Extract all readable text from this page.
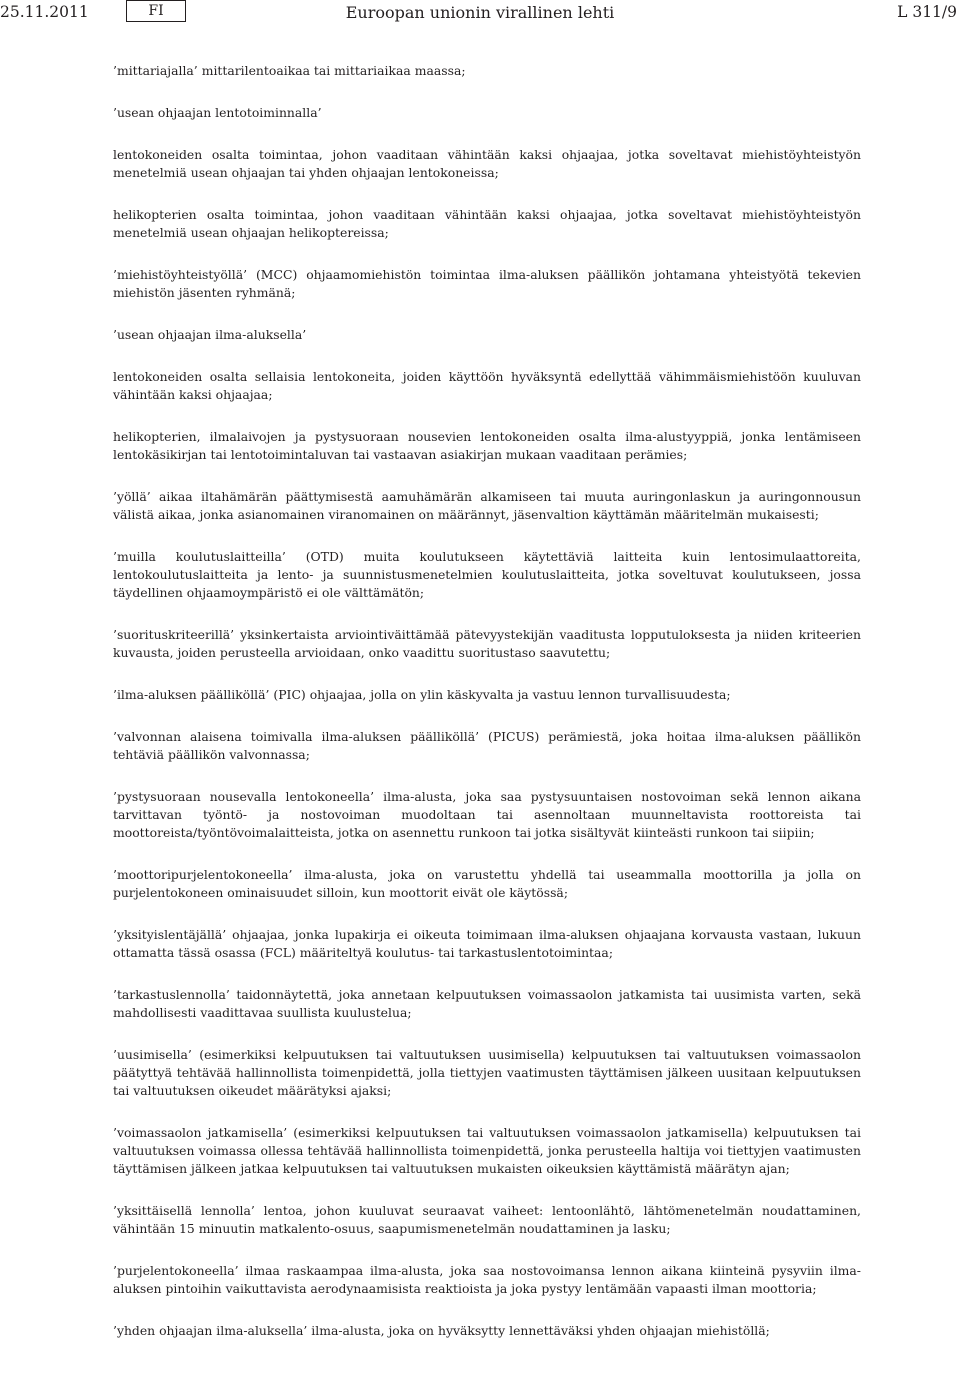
25.11.2011	FI	Euroopan unionin virallinen lehti	L 311/9

’mittariajalla’ mittarilentoaikaa tai mittariaikaa maassa;

’usean ohjaajan lentotoiminnalla’

lentokoneiden osalta toimintaa, johon vaaditaan vähintään kaksi ohjaajaa, jotka soveltavat miehistöyhteistyön menetelmiä usean ohjaajan tai yhden ohjaajan lentokoneissa;

helikopterien osalta toimintaa, johon vaaditaan vähintään kaksi ohjaajaa, jotka soveltavat miehistöyhteistyön menetelmiä usean ohjaajan helikoptereissa;

’miehistöyhteistyöllä’ (MCC) ohjaamomiehistön toimintaa ilma-aluksen päällikön johtamana yhteistyötä tekevien miehistön jäsenten ryhmänä;

’usean ohjaajan ilma-aluksella’

lentokoneiden osalta sellaisia lentokoneita, joiden käyttöön hyväksyntä edellyttää vähimmäismiehistöön kuuluvan vähintään kaksi ohjaajaa;

helikopterien, ilmalaivojen ja pystysuoraan nousevien lentokoneiden osalta ilma-alustyyppiä, jonka lentämiseen lentokäsikirjan tai lentotoimintaluvan tai vastaavan asiakirjan mukaan vaaditaan perämies;

’yöllä’ aikaa iltahämärän päättymisestä aamuhämärän alkamiseen tai muuta auringonlaskun ja auringonnousun välistä aikaa, jonka asianomainen viranomainen on määrännyt, jäsenvaltion käyttämän määritelmän mukaisesti;

’muilla koulutuslaitteilla’ (OTD) muita koulutukseen käytettäviä laitteita kuin lentosimulaattoreita, lentokoulutuslaitteita ja lento- ja suunnistusmenetelmien koulutuslaitteita, jotka soveltuvat koulutukseen, jossa täydellinen ohjaamoympäristö ei ole välttämätön;

’suorituskriteerillä’ yksinkertaista arviointiväittämää pätevyystekijän vaaditusta lopputuloksesta ja niiden kriteerien kuvausta, joiden perusteella arvioidaan, onko vaadittu suoritustaso saavutettu;

’ilma-aluksen päälliköllä’ (PIC) ohjaajaa, jolla on ylin käskyvalta ja vastuu lennon turvallisuudesta;

’valvonnan alaisena toimivalla ilma-aluksen päälliköllä’ (PICUS) perämiestä, joka hoitaa ilma-aluksen päällikön tehtäviä päällikön valvonnassa;

’pystysuoraan nousevalla lentokoneella’ ilma-alusta, joka saa pystysuuntaisen nostovoiman sekä lennon aikana tarvittavan työntö- ja nostovoiman muodoltaan tai asennoltaan muunneltavista roottoreista tai moottoreista/työntövoimalaitteista, jotka on asennettu runkoon tai jotka sisältyvät kiinteästi runkoon tai siipiin;

’moottoripurjelentokoneella’ ilma-alusta, joka on varustettu yhdellä tai useammalla moottorilla ja jolla on purjelentokoneen ominaisuudet silloin, kun moottorit eivät ole käytössä;

’yksityislentäjällä’ ohjaajaa, jonka lupakirja ei oikeuta toimimaan ilma-aluksen ohjaajana korvausta vastaan, lukuun ottamatta tässä osassa (FCL) määriteltyä koulutus- tai tarkastuslentotoimintaa;

’tarkastuslennolla’ taidonnäytettä, joka annetaan kelpuutuksen voimassaolon jatkamista tai uusimista varten, sekä mahdollisesti vaadittavaa suullista kuulustelua;

’uusimisella’ (esimerkiksi kelpuutuksen tai valtuutuksen uusimisella) kelpuutuksen tai valtuutuksen voimassaolon päätyttyä tehtävää hallinnollista toimenpidettä, jolla tiettyjen vaatimusten täyttämisen jälkeen uusitaan kelpuutuksen tai valtuutuksen oikeudet määrätyksi ajaksi;

’voimassaolon jatkamisella’ (esimerkiksi kelpuutuksen tai valtuutuksen voimassaolon jatkamisella) kelpuutuksen tai valtuutuksen voimassa ollessa tehtävää hallinnollista toimenpidettä, jonka perusteella haltija voi tiettyjen vaatimusten täyttämisen jälkeen jatkaa kelpuutuksen tai valtuutuksen mukaisten oikeuksien käyttämistä määrätyn ajan;

’yksittäisellä lennolla’ lentoa, johon kuuluvat seuraavat vaiheet: lentoonlähtö, lähtömenetelmän noudattaminen, vähintään 15 minuutin matkalento-osuus, saapumismenetelmän noudattaminen ja lasku;

’purjelentokoneella’ ilmaa raskaampaa ilma-alusta, joka saa nostovoimansa lennon aikana kiinteinä pysyviin ilma-aluksen pintoihin vaikuttavista aerodynaamisista reaktioista ja joka pystyy lentämään vapaasti ilman moottoria;

’yhden ohjaajan ilma-aluksella’ ilma-alusta, joka on hyväksytty lennettäväksi yhden ohjaajan miehistöllä;
